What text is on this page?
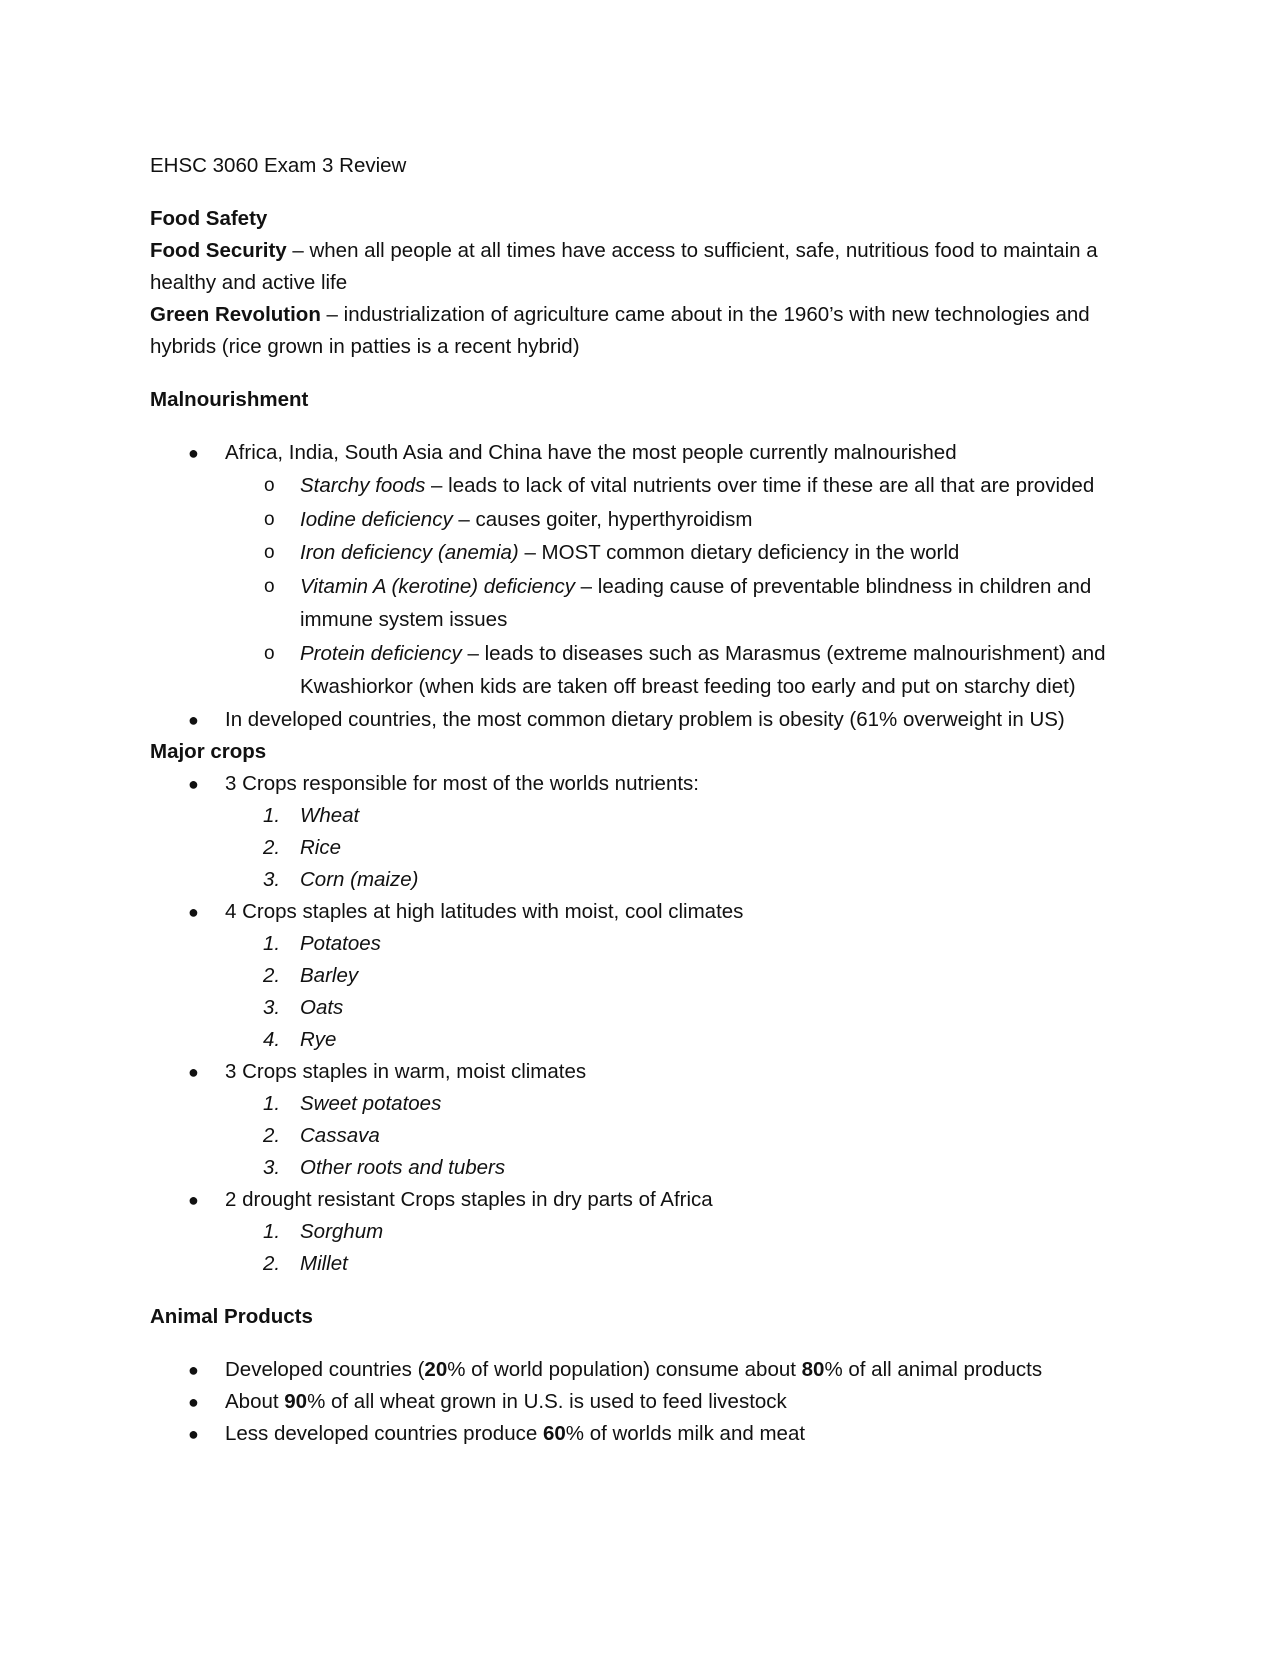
EHSC 3060 Exam 3 Review

Food Safety

Food Security – when all people at all times have access to sufficient, safe, nutritious food to maintain a healthy and active life

Green Revolution – industrialization of agriculture came about in the 1960’s with new technologies and hybrids (rice grown in patties is a recent hybrid)

Malnourishment

● Africa, India, South Asia and China have the most people currently malnourished
o Starchy foods – leads to lack of vital nutrients over time if these are all that are provided
o Iodine deficiency – causes goiter, hyperthyroidism
o Iron deficiency (anemia) – MOST common dietary deficiency in the world
o Vitamin A (kerotine) deficiency – leading cause of preventable blindness in children and immune system issues
o Protein deficiency – leads to diseases such as Marasmus (extreme malnourishment) and Kwashiorkor (when kids are taken off breast feeding too early and put on starchy diet)
● In developed countries, the most common dietary problem is obesity (61% overweight in US)

Major crops

● 3 Crops responsible for most of the worlds nutrients:
1. Wheat
2. Rice
3. Corn (maize)
● 4 Crops staples at high latitudes with moist, cool climates
1. Potatoes
2. Barley
3. Oats
4. Rye
● 3 Crops staples in warm, moist climates
1. Sweet potatoes
2. Cassava
3. Other roots and tubers
● 2 drought resistant Crops staples in dry parts of Africa
1. Sorghum
2. Millet

Animal Products

● Developed countries (20% of world population) consume about 80% of all animal products
● About 90% of all wheat grown in U.S. is used to feed livestock
● Less developed countries produce 60% of worlds milk and meat
